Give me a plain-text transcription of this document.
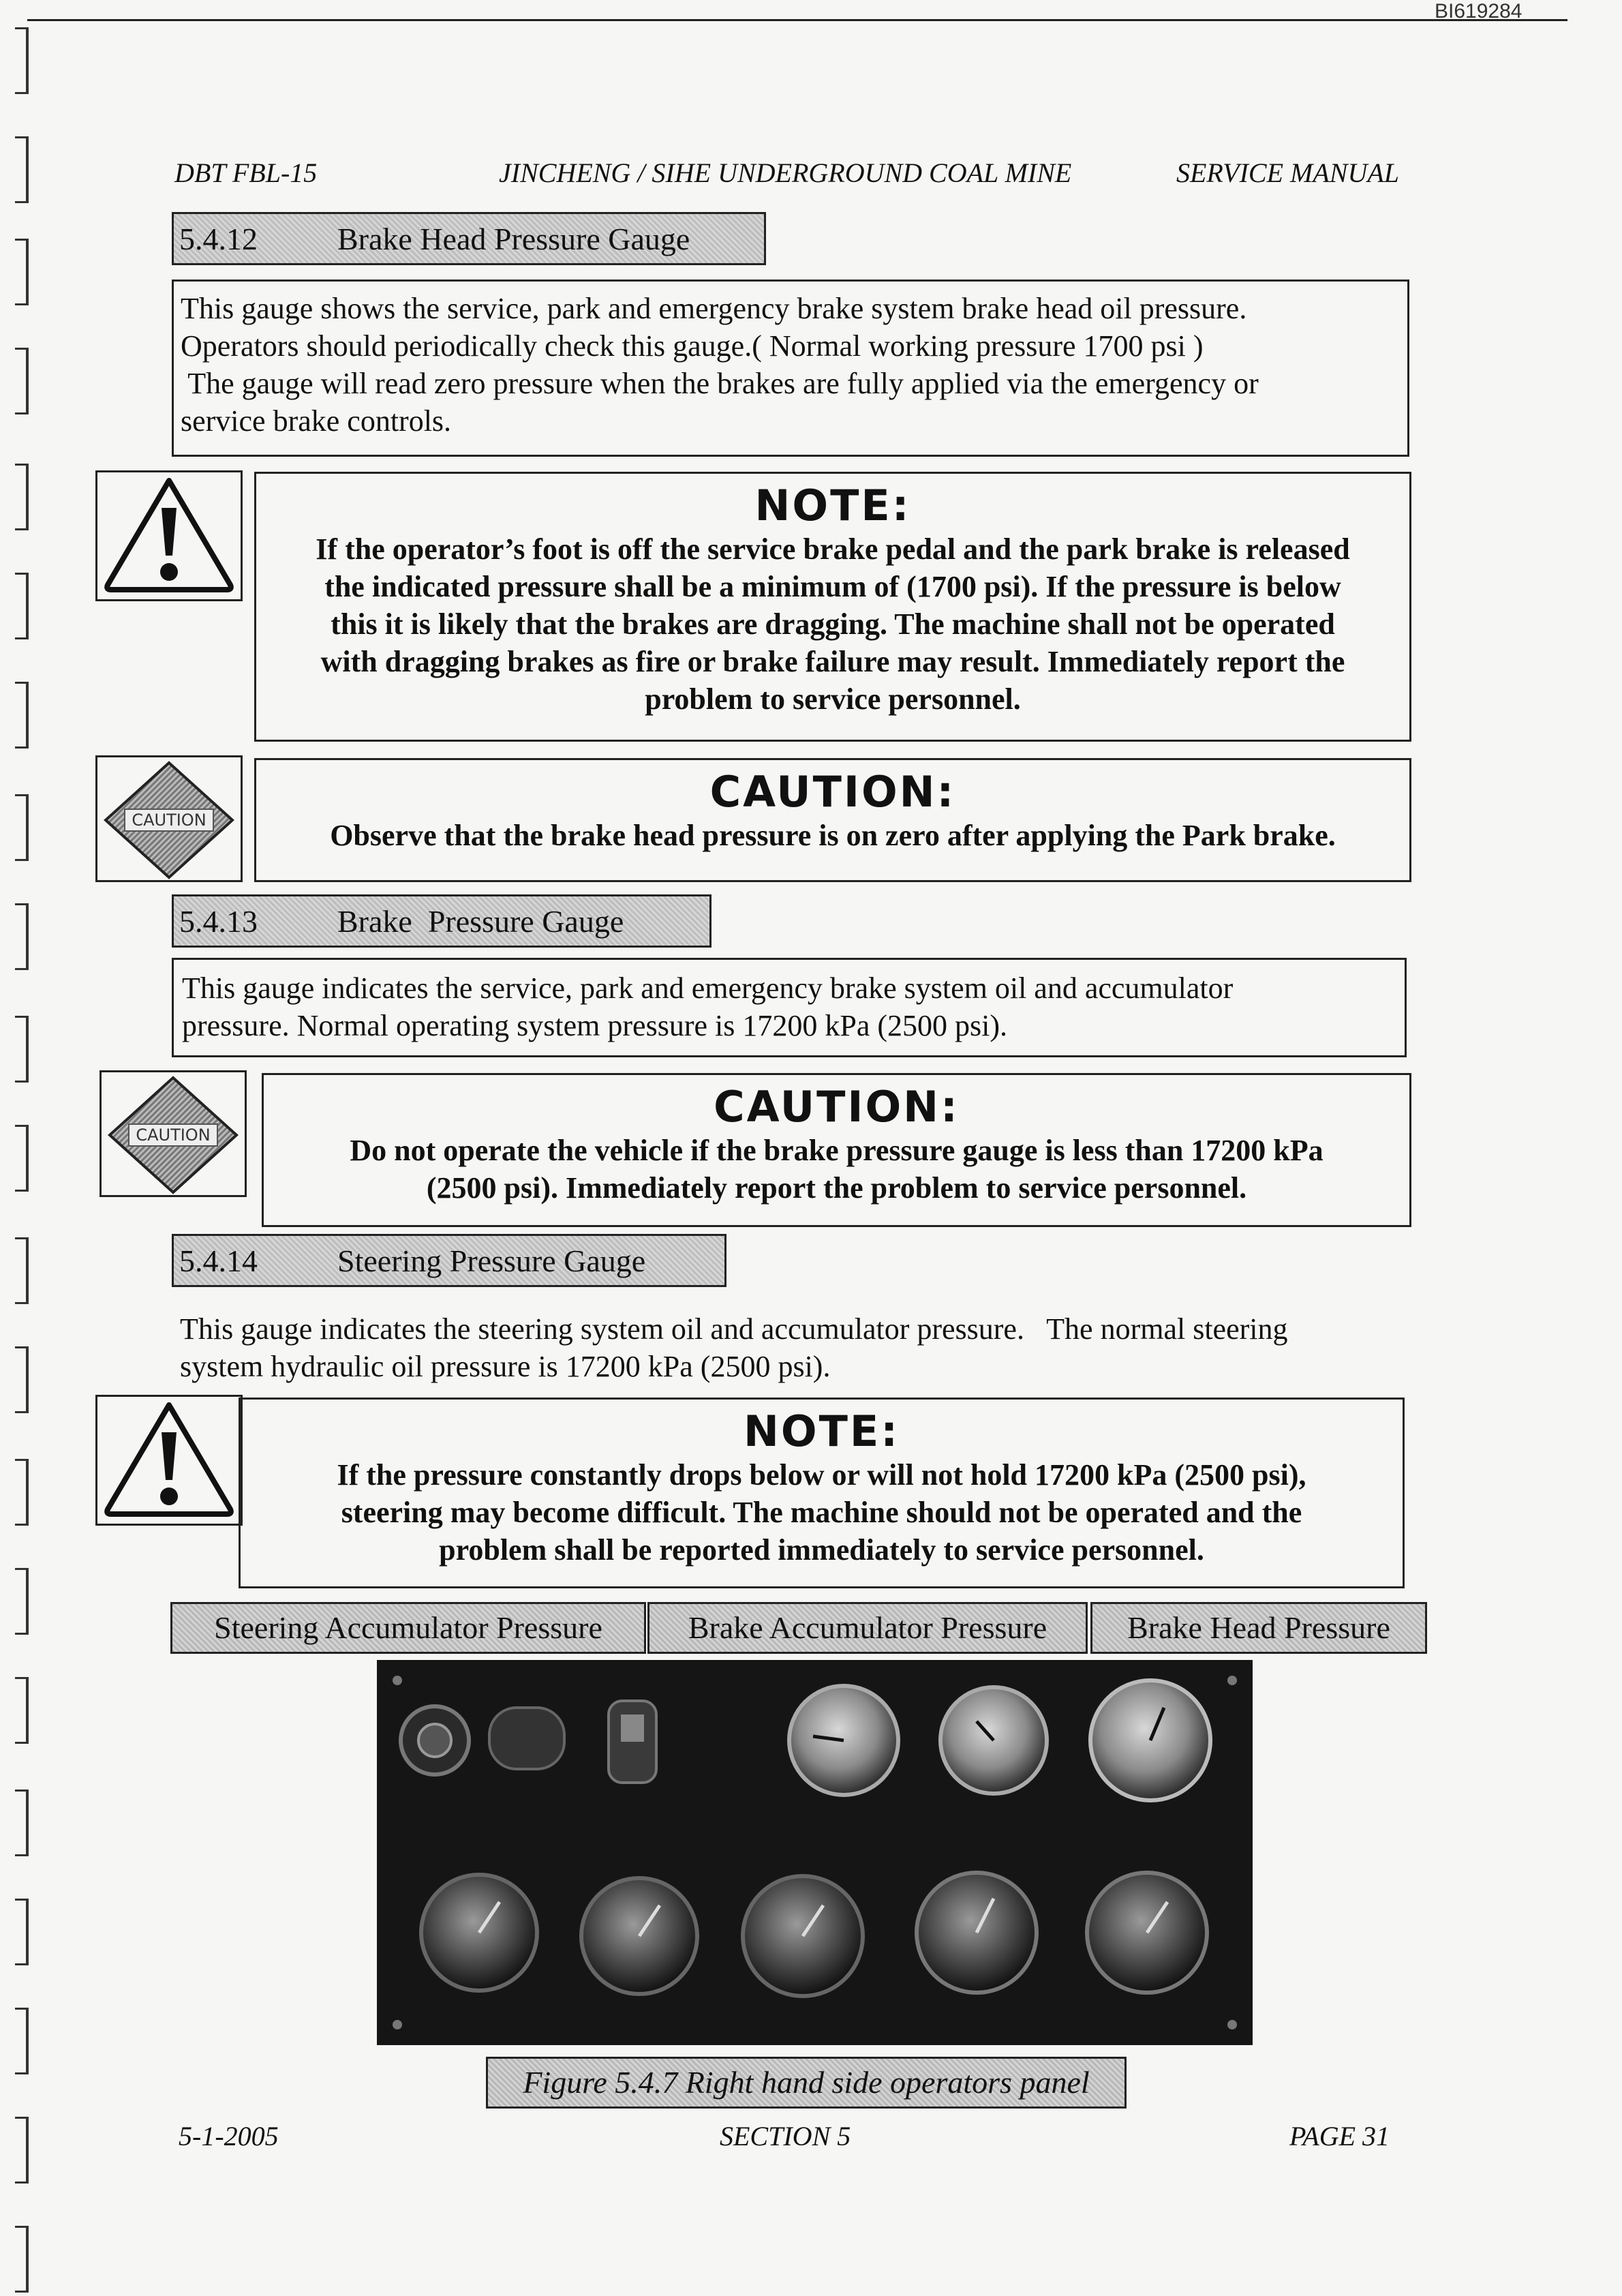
BI619284
DBT FBL-15	JINCHENG / SIHE UNDERGROUND COAL MINE	SERVICE MANUAL
5.4.12	Brake Head Pressure Gauge
This gauge shows the service, park and emergency brake system brake head oil pressure.
Operators should periodically check this gauge.( Normal working pressure 1700 psi )
The gauge will read zero pressure when the brakes are fully applied via the emergency or
service brake controls.
NOTE:
If the operator’s foot is off the service brake pedal and the park brake is released
the indicated pressure shall be a minimum of (1700 psi). If the pressure is below
this it is likely that the brakes are dragging. The machine shall not be operated
with dragging brakes as fire or brake failure may result. Immediately report the
problem to service personnel.
CAUTION
CAUTION:
Observe that the brake head pressure is on zero after applying the Park brake.
5.4.13	Brake  Pressure Gauge
This gauge indicates the service, park and emergency brake system oil and accumulator
pressure. Normal operating system pressure is 17200 kPa (2500 psi).
CAUTION
CAUTION:
Do not operate the vehicle if the brake pressure gauge is less than 17200 kPa
(2500 psi). Immediately report the problem to service personnel.
5.4.14	Steering Pressure Gauge
This gauge indicates the steering system oil and accumulator pressure.   The normal steering
system hydraulic oil pressure is 17200 kPa (2500 psi).
NOTE:
If the pressure constantly drops below or will not hold 17200 kPa (2500 psi),
steering may become difficult. The machine should not be operated and the
problem shall be reported immediately to service personnel.
Steering Accumulator Pressure	Brake Accumulator Pressure	Brake Head Pressure
Figure 5.4.7 Right hand side operators panel
5-1-2005	SECTION 5	PAGE 31
